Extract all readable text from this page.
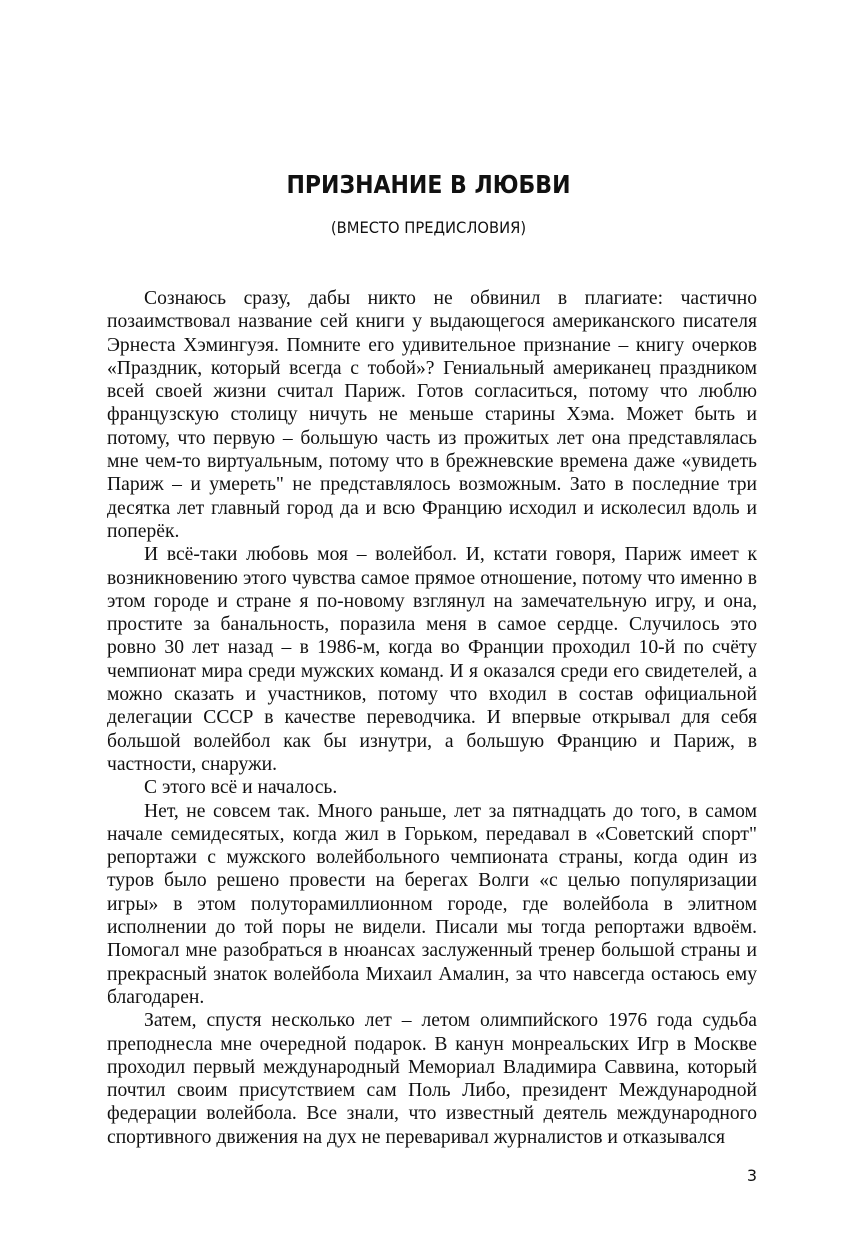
ПРИЗНАНИЕ В ЛЮБВИ
(ВМЕСТО ПРЕДИСЛОВИЯ)

Сознаюсь сразу, дабы никто не обвинил в плагиате: частично позаимствовал название сей книги у выдающегося американского писателя Эрнеста Хэмингуэя. Помните его удивительное признание – книгу очерков «Праздник, который всегда с тобой»? Гениальный американец праздником всей своей жизни считал Париж. Готов согласиться, потому что люблю французскую столицу ничуть не меньше старины Хэма. Может быть и потому, что первую – большую часть из прожитых лет она представлялась мне чем-то виртуальным, потому что в брежневские времена даже «увидеть Париж – и умереть" не представлялось возможным. Зато в последние три десятка лет главный город да и всю Францию исходил и исколесил вдоль и поперёк.

И всё-таки любовь моя – волейбол. И, кстати говоря, Париж имеет к возникновению этого чувства самое прямое отношение, потому что именно в этом городе и стране я по-новому взглянул на замечательную игру, и она, простите за банальность, поразила меня в самое сердце. Случилось это ровно 30 лет назад – в 1986-м, когда во Франции проходил 10-й по счёту чемпионат мира среди мужских команд. И я оказался среди его свидетелей, а можно сказать и участников, потому что входил в состав официальной делегации СССР в качестве переводчика. И впервые открывал для себя большой волейбол как бы изнутри, а большую Францию и Париж, в частности, снаружи.

С этого всё и началось.

Нет, не совсем так. Много раньше, лет за пятнадцать до того, в самом начале семидесятых, когда жил в Горьком, передавал в «Советский спорт" репортажи с мужского волейбольного чемпионата страны, когда один из туров было решено провести на берегах Волги «с целью популяризации игры» в этом полуторамиллионном городе, где волейбола в элитном исполнении до той поры не видели. Писали мы тогда репортажи вдвоём. Помогал мне разобраться в нюансах заслуженный тренер большой страны и прекрасный знаток волейбола Михаил Амалин, за что навсегда остаюсь ему благодарен.

Затем, спустя несколько лет – летом олимпийского 1976 года судьба преподнесла мне очередной подарок. В канун монреальских Игр в Москве проходил первый международный Мемориал Владимира Саввина, который почтил своим присутствием сам Поль Либо, президент Международной федерации волейбола. Все знали, что известный деятель международного спортивного движения на дух не переваривал журналистов и отказывался

3
